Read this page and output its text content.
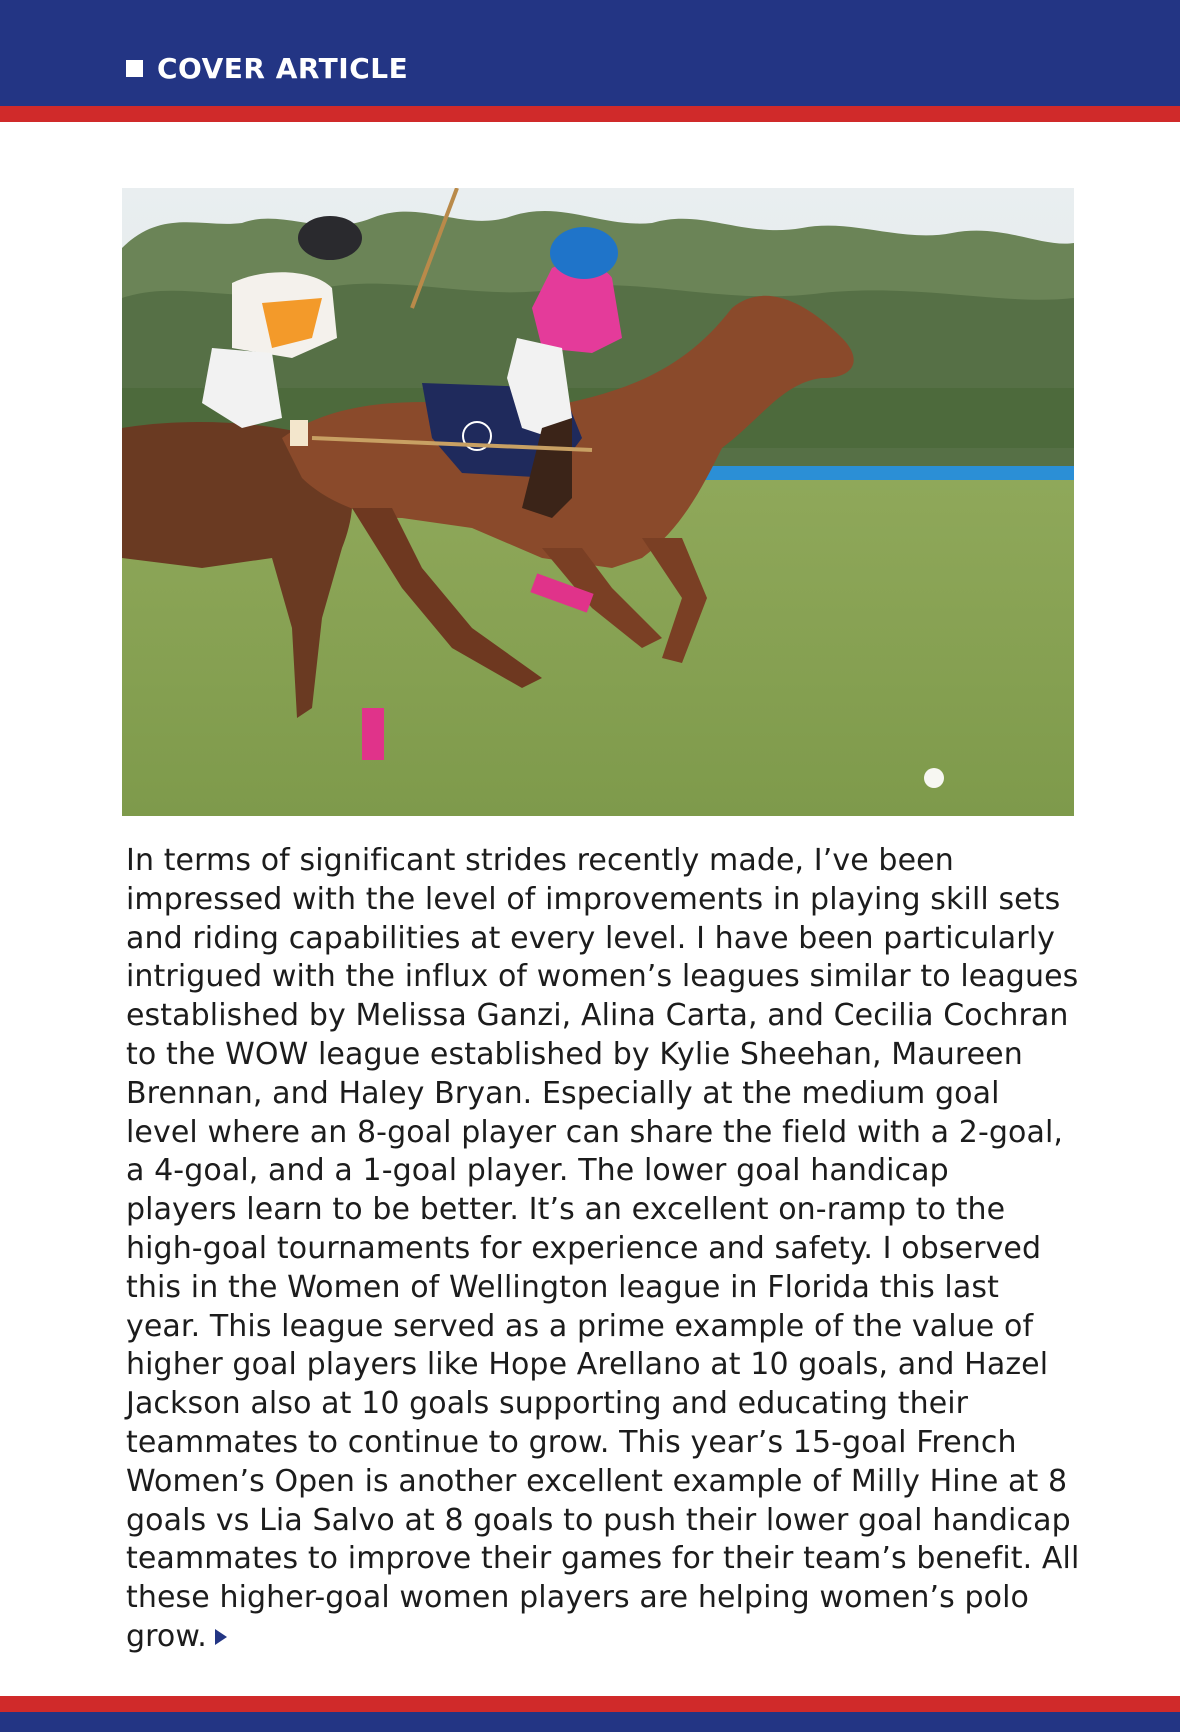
COVER ARTICLE

In terms of significant strides recently made, I’ve been
impressed with the level of improvements in playing skill sets
and riding capabilities at every level. I have been particularly
intrigued with the influx of women’s leagues similar to leagues
established by Melissa Ganzi, Alina Carta, and Cecilia Cochran
to the WOW league established by Kylie Sheehan, Maureen
Brennan, and Haley Bryan. Especially at the medium goal
level where an 8-goal player can share the field with a 2-goal,
a 4-goal, and a 1-goal player. The lower goal handicap
players learn to be better. It’s an excellent on-ramp to the
high-goal tournaments for experience and safety. I observed
this in the Women of Wellington league in Florida this last
year. This league served as a prime example of the value of
higher goal players like Hope Arellano at 10 goals, and Hazel
Jackson also at 10 goals supporting and educating their
teammates to continue to grow. This year’s 15-goal French
Women’s Open is another excellent example of Milly Hine at 8
goals vs Lia Salvo at 8 goals to push their lower goal handicap
teammates to improve their games for their team’s benefit. All
these higher-goal women players are helping women’s polo grow.
